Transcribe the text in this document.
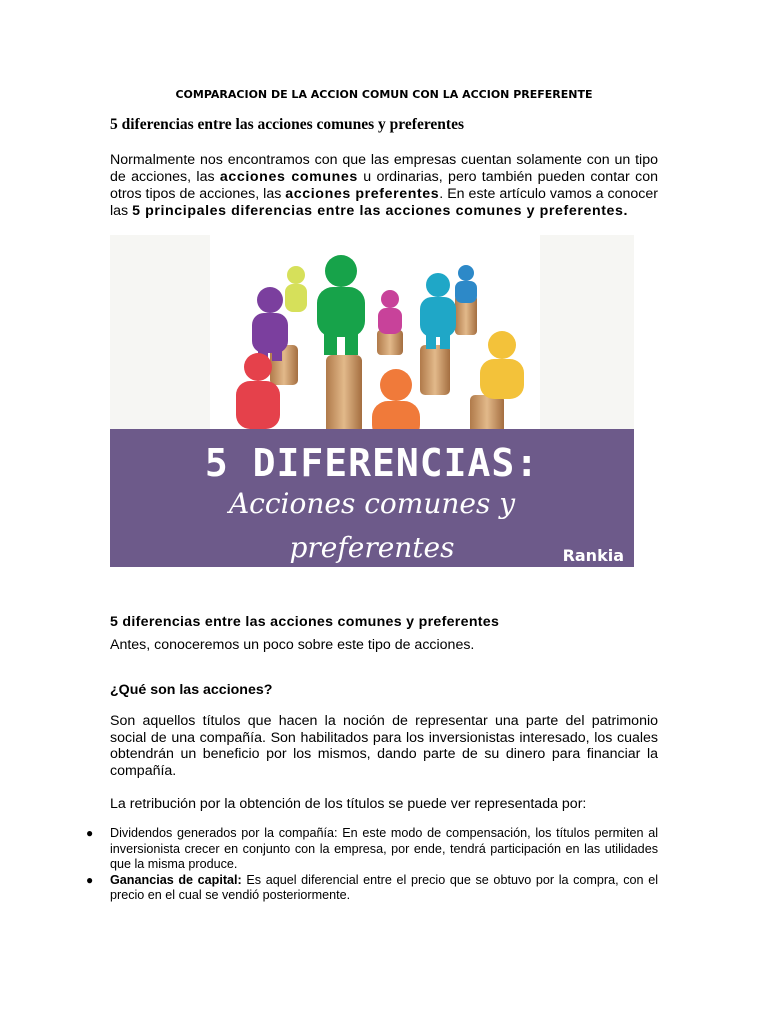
COMPARACION DE LA ACCION COMUN CON LA ACCION PREFERENTE
5 diferencias entre las acciones comunes y preferentes
Normalmente nos encontramos con que las empresas cuentan solamente con un tipo de acciones, las acciones comunes u ordinarias, pero también pueden contar con otros tipos de acciones, las acciones preferentes. En este artículo vamos a conocer las 5 principales diferencias entre las acciones comunes y preferentes.
5 DIFERENCIAS:
Acciones comunes y
preferentes	Rankia
5 diferencias entre las acciones comunes y preferentes
Antes, conoceremos un poco sobre este tipo de acciones.
¿Qué son las acciones?
Son aquellos títulos que hacen la noción de representar una parte del patrimonio social de una compañía. Son habilitados para los inversionistas interesado, los cuales obtendrán un beneficio por los mismos, dando parte de su dinero para financiar la compañía.
La retribución por la obtención de los títulos se puede ver representada por:
● Dividendos generados por la compañía: En este modo de compensación, los títulos permiten al inversionista crecer en conjunto con la empresa, por ende, tendrá participación en las utilidades que la misma produce.
● Ganancias de capital: Es aquel diferencial entre el precio que se obtuvo por la compra, con el precio en el cual se vendió posteriormente.
